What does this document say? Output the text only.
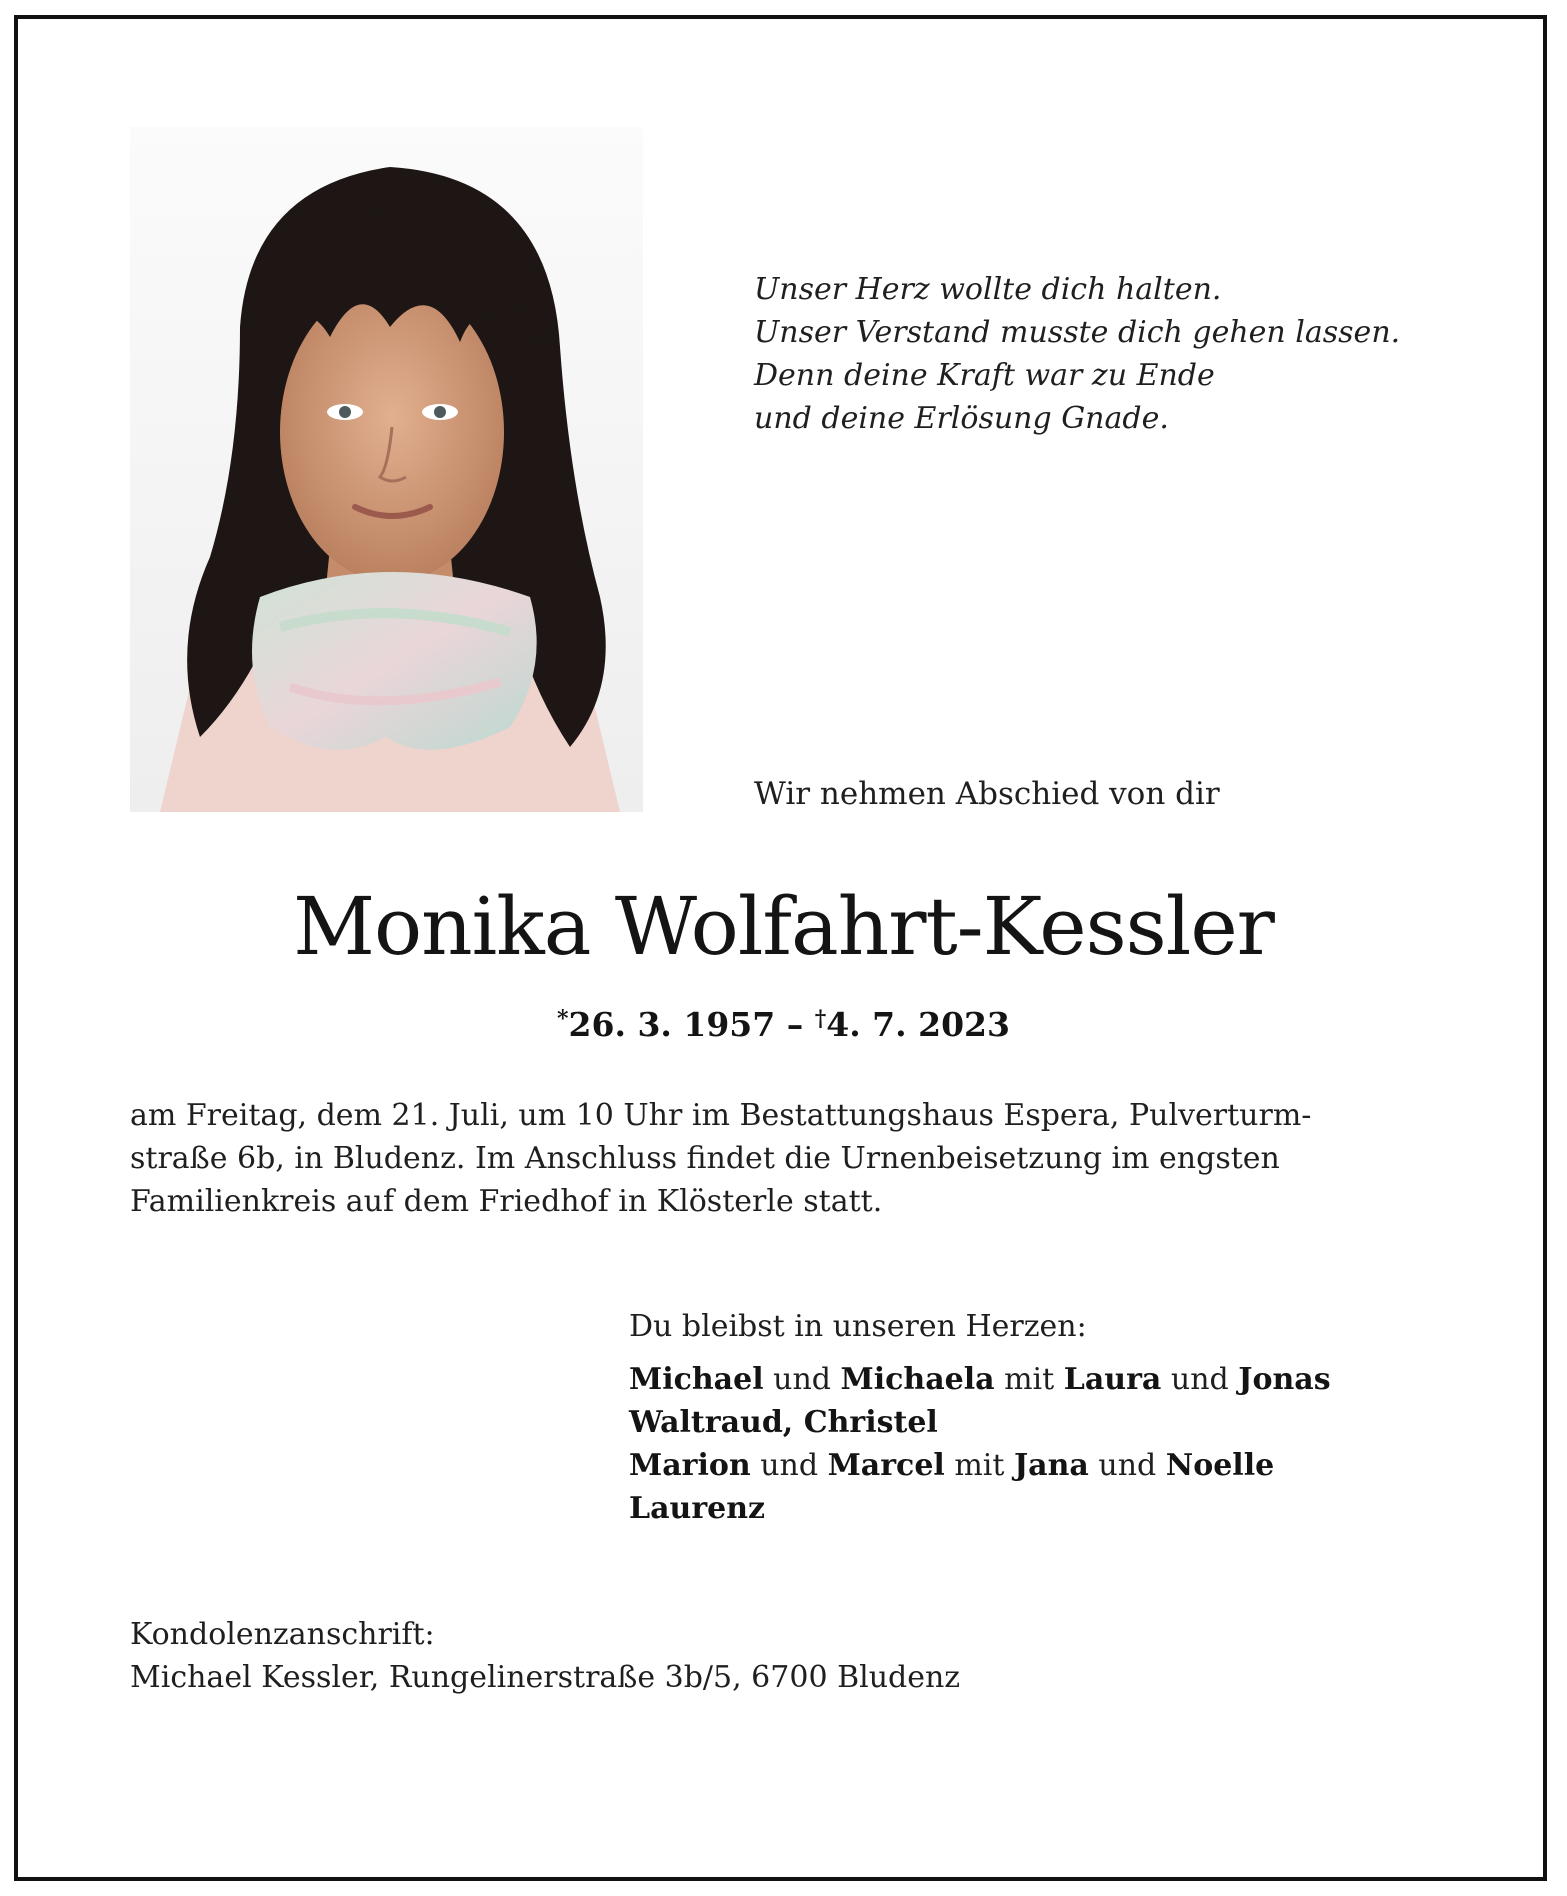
Unser Herz wollte dich halten.
Unser Verstand musste dich gehen lassen.
Denn deine Kraft war zu Ende
und deine Erlösung Gnade.
Wir nehmen Abschied von dir
Monika Wolfahrt-Kessler
*26. 3. 1957 – †4. 7. 2023
am Freitag, dem 21. Juli, um 10 Uhr im Bestattungshaus Espera, Pulverturm-
straße 6b, in Bludenz. Im Anschluss findet die Urnenbeisetzung im engsten
Familienkreis auf dem Friedhof in Klösterle statt.
Du bleibst in unseren Herzen:
Michael und Michaela mit Laura und Jonas
Waltraud, Christel
Marion und Marcel mit Jana und Noelle
Laurenz
Kondolenzanschrift:
Michael Kessler, Rungelinerstraße 3b/5, 6700 Bludenz
